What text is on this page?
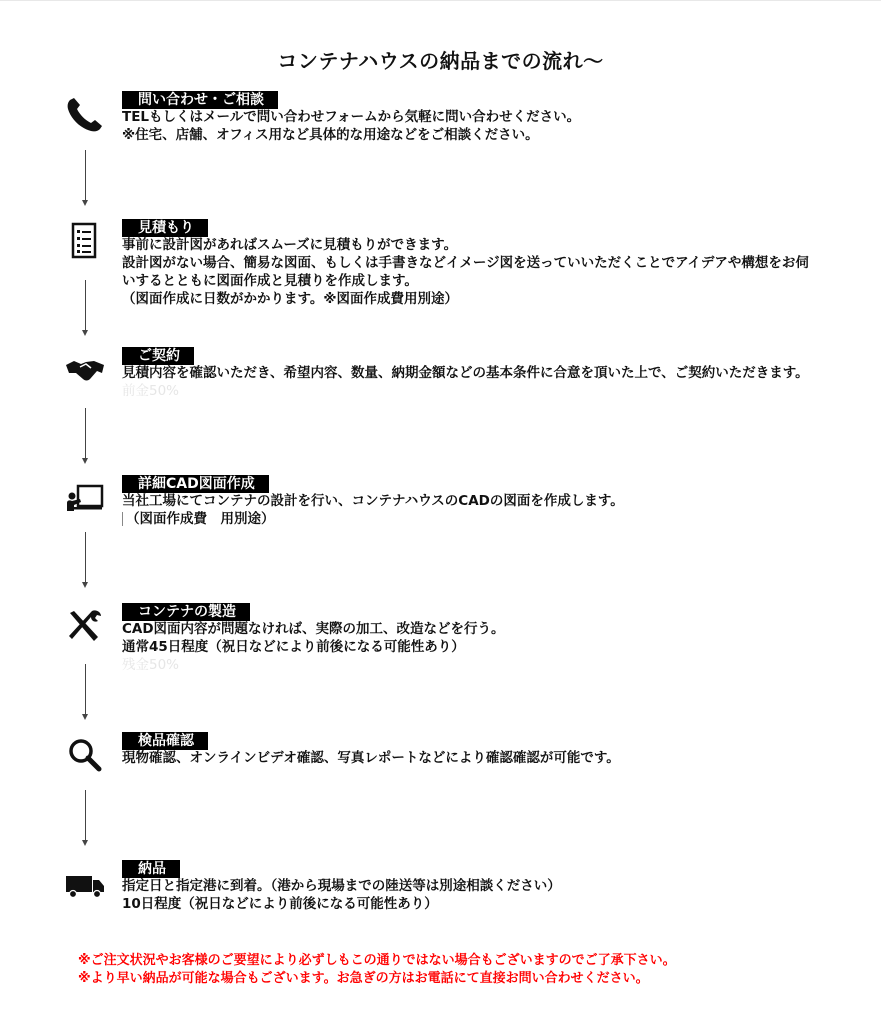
コンテナハウスの納品までの流れ〜
問い合わせ・ご相談
TELもしくはメールで問い合わせフォームから気軽に問い合わせください。
※住宅、店舗、オフィス用など具体的な用途などをご相談ください。
見積もり
事前に設計図があればスムーズに見積もりができます。
設計図がない場合、簡易な図面、もしくは手書きなどイメージ図を送っていいただくことでアイデアや構想をお伺いするとともに図面作成と見積りを作成します。
（図面作成に日数がかかります。※図面作成費用別途）
ご契約
見積内容を確認いただき、希望内容、数量、納期金額などの基本条件に合意を頂いた上で、ご契約いただきます。
前金50%
詳細CAD図面作成
当社工場にてコンテナの設計を行い、コンテナハウスのCADの図面を作成します。
（図面作成費　用別途）
コンテナの製造
CAD図面内容が問題なければ、実際の加工、改造などを行う。
通常45日程度（祝日などにより前後になる可能性あり）
残金50%
検品確認
現物確認、オンラインビデオ確認、写真レポートなどにより確認確認が可能です。
納品
指定日と指定港に到着。（港から現場までの陸送等は別途相談ください）
10日程度（祝日などにより前後になる可能性あり）
※ご注文状況やお客様のご要望により必ずしもこの通りではない場合もございますのでご了承下さい。
※より早い納品が可能な場合もございます。お急ぎの方はお電話にて直接お問い合わせください。
